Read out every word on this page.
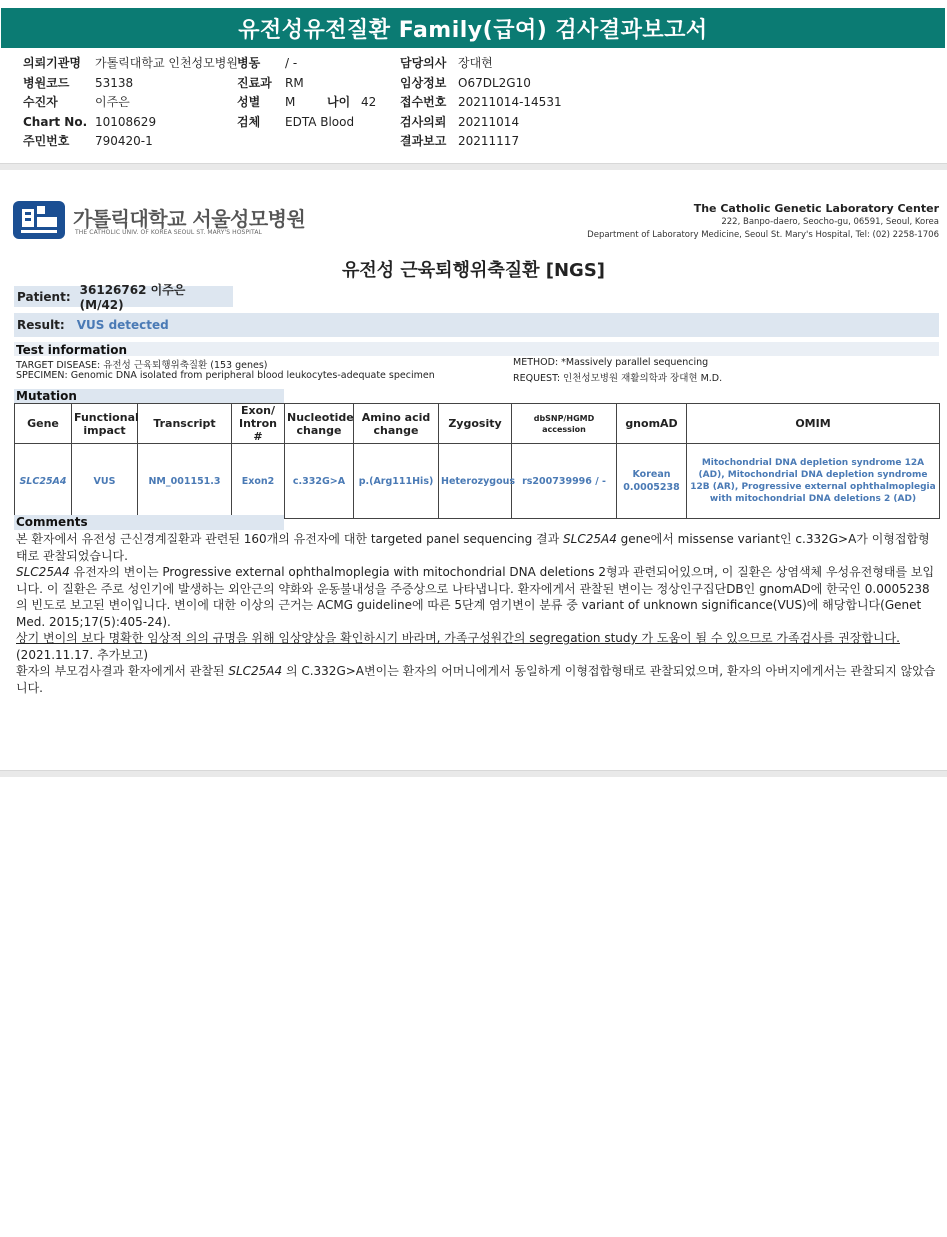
유전성유전질환 Family(급여) 검사결과보고서
의뢰기관명 가톨릭대학교 인천성모병원
병원코드 53138
수진자	이주은
Chart No. 10108629
주민번호 790420-1
병동 / -
진료과 RM
성별 M	나이 42
검체 EDTA Blood
담당의사 장대현
임상정보 O67DL2G10
접수번호 20211014-14531
검사의뢰 20211014
결과보고 20211117
가톨릭대학교 서울성모병원
THE CATHOLIC UNIV. OF KOREA SEOUL ST. MARY'S HOSPITAL
The Catholic Genetic Laboratory Center
222, Banpo-daero, Seocho-gu, 06591, Seoul, Korea
Department of Laboratory Medicine, Seoul St. Mary's Hospital, Tel: (02) 2258-1706
유전성 근육퇴행위축질환 [NGS]
Patient: 36126762 이주은 (M/42)
Result: VUS detected
Test information
TARGET DISEASE: 유전성 근육퇴행위축질환 (153 genes)
SPECIMEN: Genomic DNA isolated from peripheral blood leukocytes-adequate specimen
METHOD: *Massively parallel sequencing
REQUEST: 인천성모병원 재활의학과 장대현 M.D.
Mutation
Gene	Functional impact	Transcript	Exon/ Intron #	Nucleotide change	Amino acid change	Zygosity	dbSNP/HGMD accession	gnomAD	OMIM
SLC25A4	VUS	NM_001151.3	Exon2	c.332G>A	p.(Arg111His)	Heterozygous	rs200739996 / -	Korean 0.0005238	Mitochondrial DNA depletion syndrome 12A (AD), Mitochondrial DNA depletion syndrome 12B (AR), Progressive external ophthalmoplegia with mitochondrial DNA deletions 2 (AD)
Comments

본 환자에서 유전성 근신경계질환과 관련된 160개의 유전자에 대한 targeted panel sequencing 결과 SLC25A4 gene에서 missense variant인 c.332G>A가 이형접합형태로 관찰되었습니다.

SLC25A4 유전자의 변이는 Progressive external ophthalmoplegia with mitochondrial DNA deletions 2형과 관련되어있으며, 이 질환은 상염색체 우성유전형태를 보입니다. 이 질환은 주로 성인기에 발생하는 외안근의 약화와 운동불내성을 주증상으로 나타냅니다. 환자에게서 관찰된 변이는 정상인구집단DB인 gnomAD에 한국인 0.0005238의 빈도로 보고된 변이입니다. 변이에 대한 이상의 근거는 ACMG guideline에 따른 5단계 염기변이 분류 중 variant of unknown significance(VUS)에 해당합니다(Genet Med. 2015;17(5):405-24).

상기 변이의 보다 명확한 임상적 의의 규명을 위해 임상양상을 확인하시기 바라며, 가족구성원간의 segregation study 가 도움이 될 수 있으므로 가족검사를 권장합니다.

(2021.11.17. 추가보고)

환자의 부모검사결과 환자에게서 관찰된 SLC25A4 의 C.332G>A변이는 환자의 어머니에게서 동일하게 이형접합형태로 관찰되었으며, 환자의 아버지에게서는 관찰되지 않았습니다.
